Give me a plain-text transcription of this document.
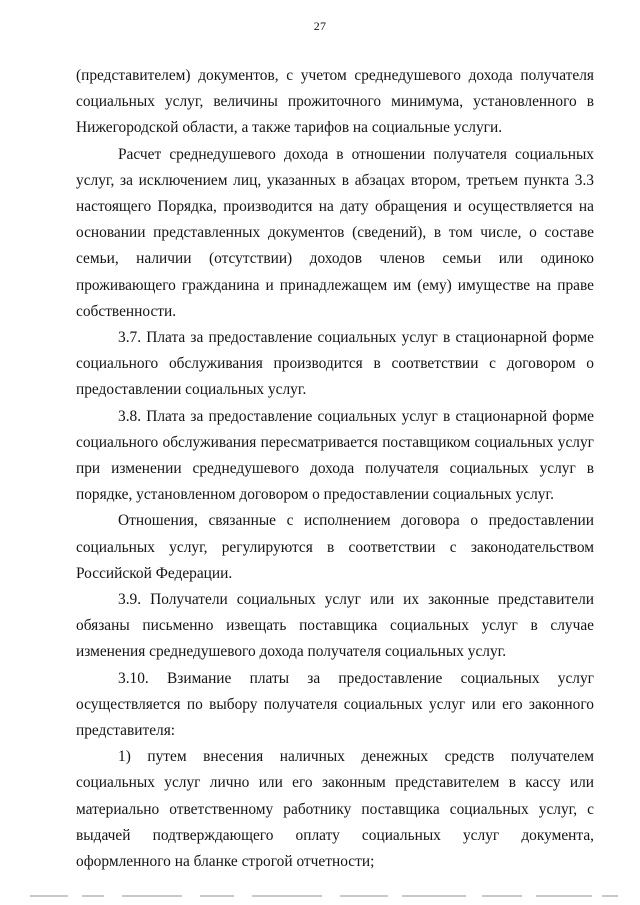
27

(представителем) документов, с учетом среднедушевого дохода получателя социальных услуг, величины прожиточного минимума, установленного в Нижегородской области, а также тарифов на социальные услуги.

Расчет среднедушевого дохода в отношении получателя социальных услуг, за исключением лиц, указанных в абзацах втором, третьем пункта 3.3 настоящего Порядка, производится на дату обращения и осуществляется на основании представленных документов (сведений), в том числе, о составе семьи, наличии (отсутствии) доходов членов семьи или одиноко проживающего гражданина и принадлежащем им (ему) имуществе на праве собственности.

3.7. Плата за предоставление социальных услуг в стационарной форме социального обслуживания производится в соответствии с договором о предоставлении социальных услуг.

3.8. Плата за предоставление социальных услуг в стационарной форме социального обслуживания пересматривается поставщиком социальных услуг при изменении среднедушевого дохода получателя социальных услуг в порядке, установленном договором о предоставлении социальных услуг.

Отношения, связанные с исполнением договора о предоставлении социальных услуг, регулируются в соответствии с законодательством Российской Федерации.

3.9. Получатели социальных услуг или их законные представители обязаны письменно извещать поставщика социальных услуг в случае изменения среднедушевого дохода получателя социальных услуг.

3.10. Взимание платы за предоставление социальных услуг осуществляется по выбору получателя социальных услуг или его законного представителя:

1) путем внесения наличных денежных средств получателем социальных услуг лично или его законным представителем в кассу или материально ответственному работнику поставщика социальных услуг, с выдачей подтверждающего оплату социальных услуг документа, оформленного на бланке строгой отчетности;
